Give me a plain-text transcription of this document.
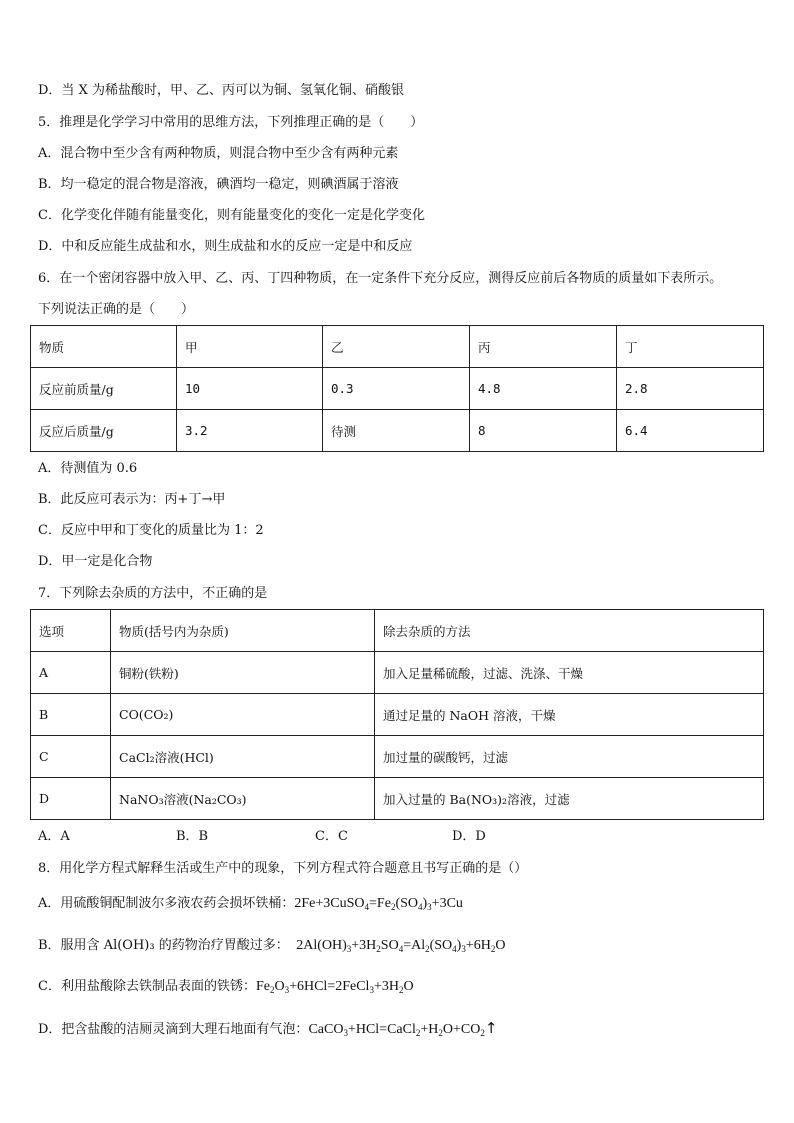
D．当 X 为稀盐酸时，甲、乙、丙可以为铜、氢氧化铜、硝酸银
5．推理是化学学习中常用的思维方法，下列推理正确的是（　　）
A．混合物中至少含有两种物质，则混合物中至少含有两种元素
B．均一稳定的混合物是溶液，碘酒均一稳定，则碘酒属于溶液
C．化学变化伴随有能量变化，则有能量变化的变化一定是化学变化
D．中和反应能生成盐和水，则生成盐和水的反应一定是中和反应
6．在一个密闭容器中放入甲、乙、丙、丁四种物质，在一定条件下充分反应，测得反应前后各物质的质量如下表所示。
下列说法正确的是（　　）
物质	甲	乙	丙	丁
反应前质量/g	10	0.3	4.8	2.8
反应后质量/g	3.2	待测	8	6.4
A．待测值为 0.6
B．此反应可表示为：丙+丁→甲
C．反应中甲和丁变化的质量比为 1：2
D．甲一定是化合物
7．下列除去杂质的方法中，不正确的是
选项	物质(括号内为杂质)	除去杂质的方法
A	铜粉(铁粉)	加入足量稀硫酸，过滤、洗涤、干燥
B	CO(CO₂)	通过足量的 NaOH 溶液，干燥
C	CaCl₂溶液(HCl)	加过量的碳酸钙，过滤
D	NaNO₃溶液(Na₂CO₃)	加入过量的 Ba(NO₃)₂溶液，过滤
A．A	B．B	C．C	D．D
8．用化学方程式解释生活或生产中的现象，下列方程式符合题意且书写正确的是（）
A．用硫酸铜配制波尔多液农药会损坏铁桶：$2Fe+3CuSO_4=Fe_2(SO_4)_3+3Cu$
B．服用含 Al(OH)₃ 的药物治疗胃酸过多：　$2Al(OH)_3+3H_2SO_4=Al_2(SO_4)_3+6H_2O$
C．利用盐酸除去铁制品表面的铁锈：$Fe_2O_3+6HCl=2FeCl_3+3H_2O$
D．把含盐酸的洁厕灵滴到大理石地面有气泡：$CaCO_3+HCl=CaCl_2+H_2O+CO_2↑$
